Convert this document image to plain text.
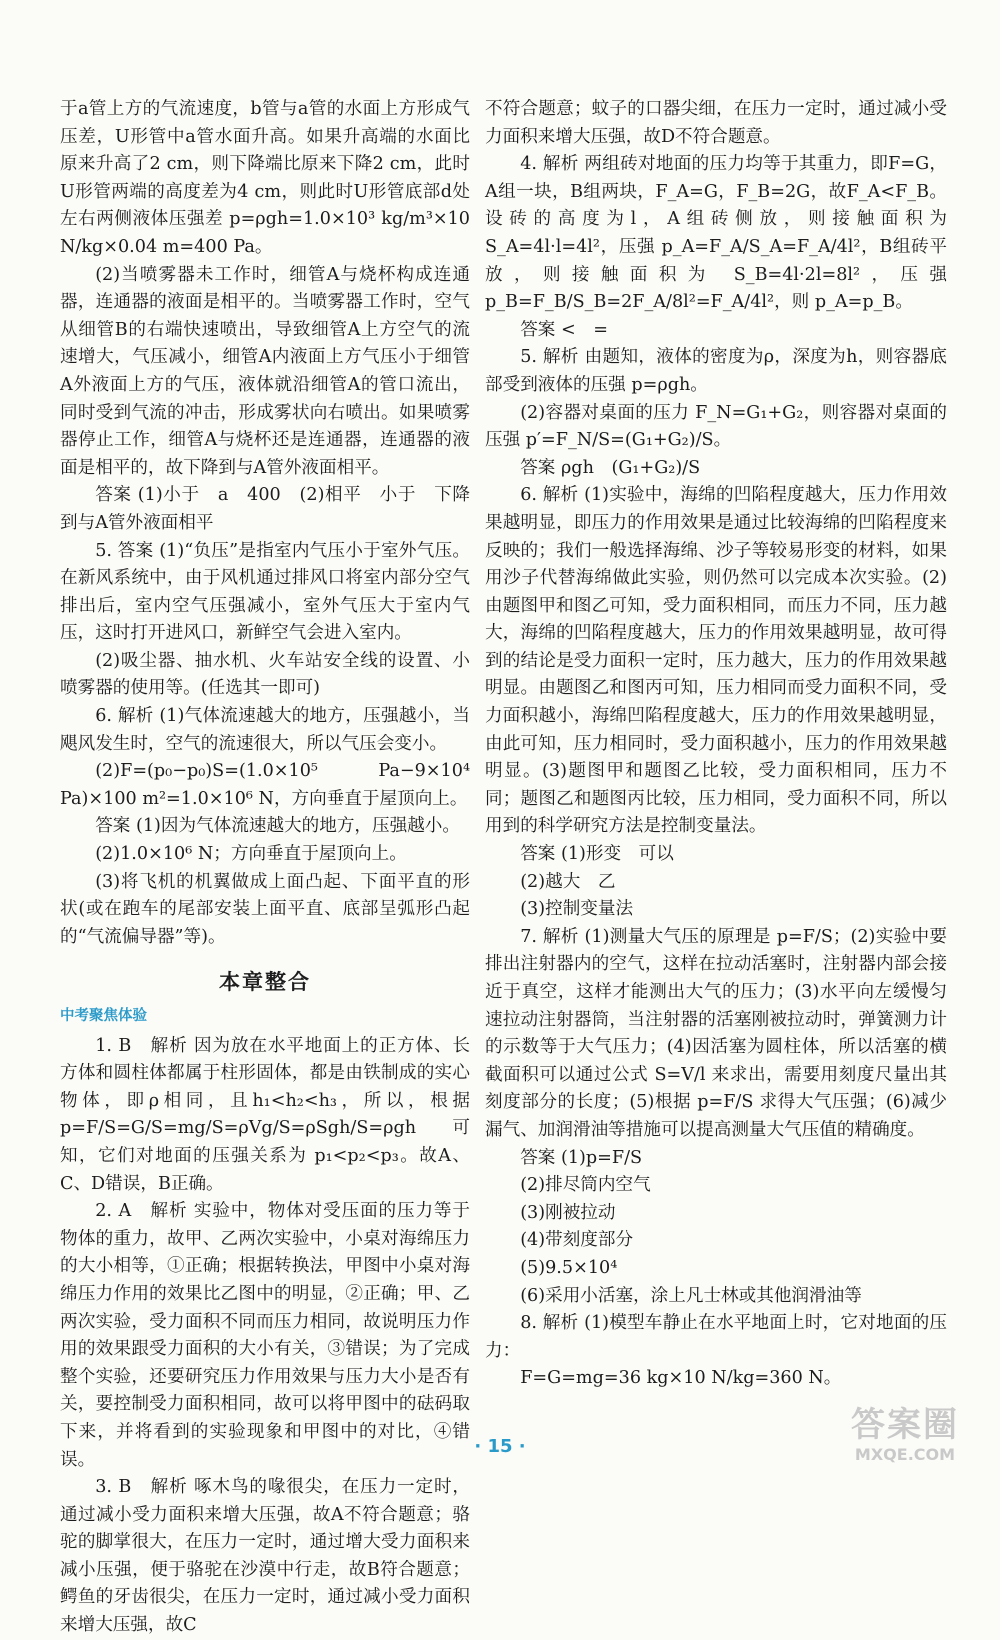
于a管上方的气流速度，b管与a管的水面上方形成气压差，U形管中a管水面升高。如果升高端的水面比原来升高了2 cm，则下降端比原来下降2 cm，此时U形管两端的高度差为4 cm，则此时U形管底部d处左右两侧液体压强差 p=ρgh=1.0×10³ kg/m³×10 N/kg×0.04 m=400 Pa。

(2)当喷雾器未工作时，细管A与烧杯构成连通器，连通器的液面是相平的。当喷雾器工作时，空气从细管B的右端快速喷出，导致细管A上方空气的流速增大，气压减小，细管A内液面上方气压小于细管A外液面上方的气压，液体就沿细管A的管口流出，同时受到气流的冲击，形成雾状向右喷出。如果喷雾器停止工作，细管A与烧杯还是连通器，连通器的液面是相平的，故下降到与A管外液面相平。

答案 (1)小于　a　400　(2)相平　小于　下降到与A管外液面相平

5. 答案 (1)“负压”是指室内气压小于室外气压。在新风系统中，由于风机通过排风口将室内部分空气排出后，室内空气压强减小，室外气压大于室内气压，这时打开进风口，新鲜空气会进入室内。

(2)吸尘器、抽水机、火车站安全线的设置、小喷雾器的使用等。(任选其一即可)

6. 解析 (1)气体流速越大的地方，压强越小，当飓风发生时，空气的流速很大，所以气压会变小。

(2)F=(p₀−p₀)S=(1.0×10⁵ Pa−9×10⁴ Pa)×100 m²=1.0×10⁶ N，方向垂直于屋顶向上。

答案 (1)因为气体流速越大的地方，压强越小。

(2)1.0×10⁶ N；方向垂直于屋顶向上。

(3)将飞机的机翼做成上面凸起、下面平直的形状(或在跑车的尾部安装上面平直、底部呈弧形凸起的“气流偏导器”等)。

本章整合
中考聚焦体验

1. B　解析 因为放在水平地面上的正方体、长方体和圆柱体都属于柱形固体，都是由铁制成的实心物体，即ρ相同，且h₁<h₂<h₃，所以，根据 p=F/S=G/S=mg/S=ρVg/S=ρSgh/S=ρgh 可知，它们对地面的压强关系为 p₁<p₂<p₃。故A、C、D错误，B正确。

2. A　解析 实验中，物体对受压面的压力等于物体的重力，故甲、乙两次实验中，小桌对海绵压力的大小相等，①正确；根据转换法，甲图中小桌对海绵压力作用的效果比乙图中的明显，②正确；甲、乙两次实验，受力面积不同而压力相同，故说明压力作用的效果跟受力面积的大小有关，③错误；为了完成整个实验，还要研究压力作用效果与压力大小是否有关，要控制受力面积相同，故可以将甲图中的砝码取下来，并将看到的实验现象和甲图中的对比，④错误。

3. B　解析 啄木鸟的喙很尖，在压力一定时，通过减小受力面积来增大压强，故A不符合题意；骆驼的脚掌很大，在压力一定时，通过增大受力面积来减小压强，便于骆驼在沙漠中行走，故B符合题意；鳄鱼的牙齿很尖，在压力一定时，通过减小受力面积来增大压强，故C

不符合题意；蚊子的口器尖细，在压力一定时，通过减小受力面积来增大压强，故D不符合题意。

4. 解析 两组砖对地面的压力均等于其重力，即F=G，A组一块，B组两块，F_A=G，F_B=2G，故F_A<F_B。设砖的高度为l，A组砖侧放，则接触面积为 S_A=4l·l=4l²，压强 p_A=F_A/S_A=F_A/4l²，B组砖平放，则接触面积为 S_B=4l·2l=8l²，压强 p_B=F_B/S_B=2F_A/8l²=F_A/4l²，则 p_A=p_B。

答案 <　=

5. 解析 由题知，液体的密度为ρ，深度为h，则容器底部受到液体的压强 p=ρgh。

(2)容器对桌面的压力 F_N=G₁+G₂，则容器对桌面的压强 p′=F_N/S=(G₁+G₂)/S。

答案 ρgh　(G₁+G₂)/S

6. 解析 (1)实验中，海绵的凹陷程度越大，压力作用效果越明显，即压力的作用效果是通过比较海绵的凹陷程度来反映的；我们一般选择海绵、沙子等较易形变的材料，如果用沙子代替海绵做此实验，则仍然可以完成本次实验。(2)由题图甲和图乙可知，受力面积相同，而压力不同，压力越大，海绵的凹陷程度越大，压力的作用效果越明显，故可得到的结论是受力面积一定时，压力越大，压力的作用效果越明显。由题图乙和图丙可知，压力相同而受力面积不同，受力面积越小，海绵凹陷程度越大，压力的作用效果越明显，由此可知，压力相同时，受力面积越小，压力的作用效果越明显。(3)题图甲和题图乙比较，受力面积相同，压力不同；题图乙和题图丙比较，压力相同，受力面积不同，所以用到的科学研究方法是控制变量法。

答案 (1)形变　可以

(2)越大　乙

(3)控制变量法

7. 解析 (1)测量大气压的原理是 p=F/S；(2)实验中要排出注射器内的空气，这样在拉动活塞时，注射器内部会接近于真空，这样才能测出大气的压力；(3)水平向左缓慢匀速拉动注射器筒，当注射器的活塞刚被拉动时，弹簧测力计的示数等于大气压力；(4)因活塞为圆柱体，所以活塞的横截面积可以通过公式 S=V/l 来求出，需要用刻度尺量出其刻度部分的长度；(5)根据 p=F/S 求得大气压强；(6)减少漏气、加润滑油等措施可以提高测量大气压值的精确度。

答案 (1)p=F/S

(2)排尽筒内空气

(3)刚被拉动

(4)带刻度部分

(5)9.5×10⁴

(6)采用小活塞，涂上凡士林或其他润滑油等

8. 解析 (1)模型车静止在水平地面上时，它对地面的压力：

F=G=mg=36 kg×10 N/kg=360 N。

· 15 ·
答案圈
MXQE.COM
